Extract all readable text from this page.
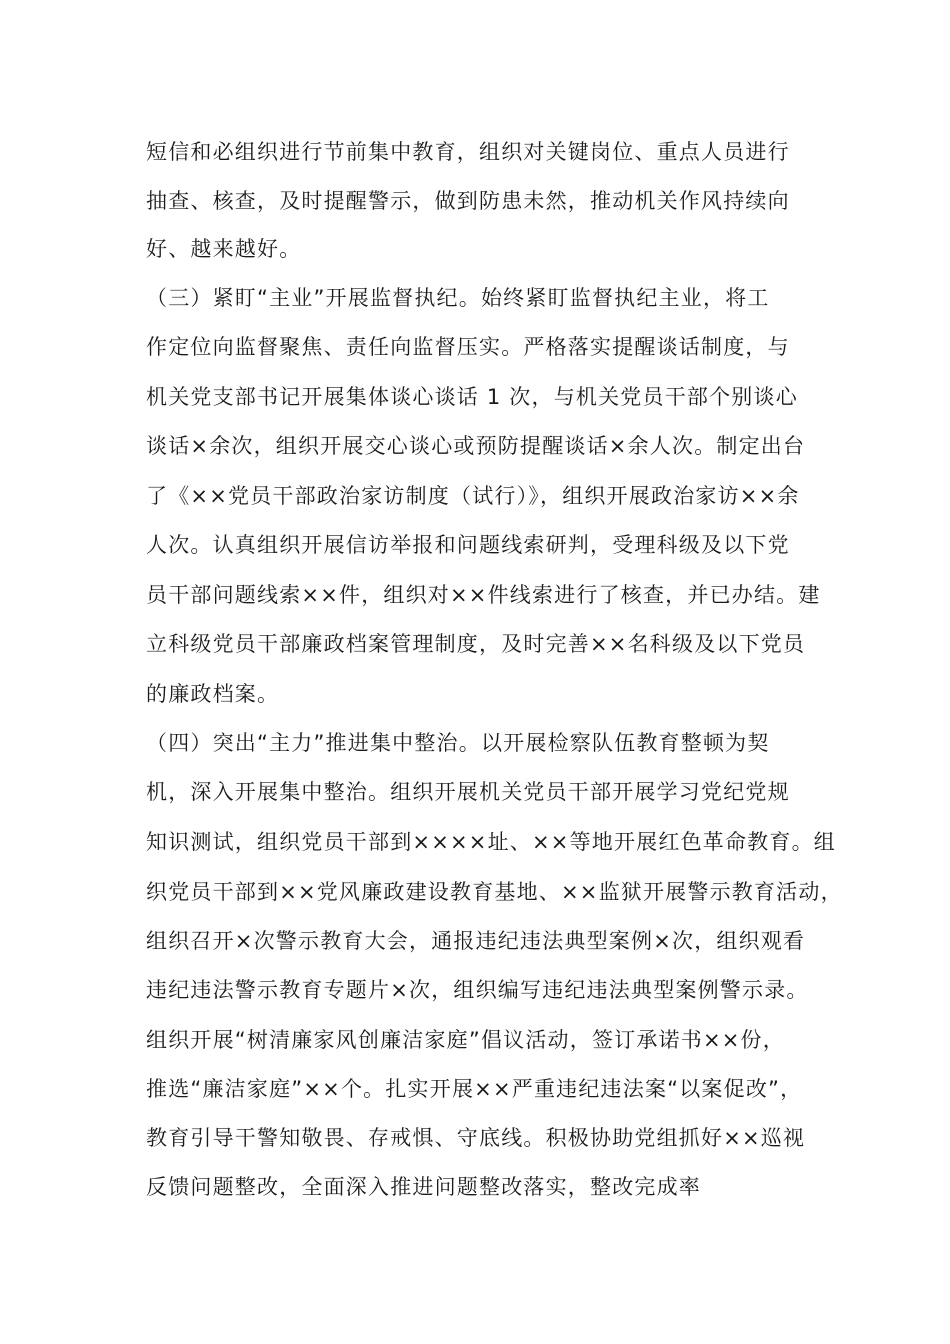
短信和必组织进行节前集中教育，组织对关键岗位、重点人员进行
抽查、核查，及时提醒警示，做到防患未然，推动机关作风持续向
好、越来越好。
（三）紧盯“主业”开展监督执纪。始终紧盯监督执纪主业，将工
作定位向监督聚焦、责任向监督压实。严格落实提醒谈话制度，与
机关党支部书记开展集体谈心谈话 1 次，与机关党员干部个别谈心
谈话×余次，组织开展交心谈心或预防提醒谈话×余人次。制定出台
了《××党员干部政治家访制度（试行）》，组织开展政治家访××余
人次。认真组织开展信访举报和问题线索研判，受理科级及以下党
员干部问题线索××件，组织对××件线索进行了核查，并已办结。建
立科级党员干部廉政档案管理制度，及时完善××名科级及以下党员
的廉政档案。
（四）突出“主力”推进集中整治。以开展检察队伍教育整顿为契
机，深入开展集中整治。组织开展机关党员干部开展学习党纪党规
知识测试，组织党员干部到××××址、××等地开展红色革命教育。组
织党员干部到××党风廉政建设教育基地、××监狱开展警示教育活动，
组织召开×次警示教育大会，通报违纪违法典型案例×次，组织观看
违纪违法警示教育专题片×次，组织编写违纪违法典型案例警示录。
组织开展“树清廉家风创廉洁家庭”倡议活动，签订承诺书××份，
推选“廉洁家庭”××个。扎实开展××严重违纪违法案“以案促改”，
教育引导干警知敬畏、存戒惧、守底线。积极协助党组抓好××巡视
反馈问题整改，全面深入推进问题整改落实，整改完成率
